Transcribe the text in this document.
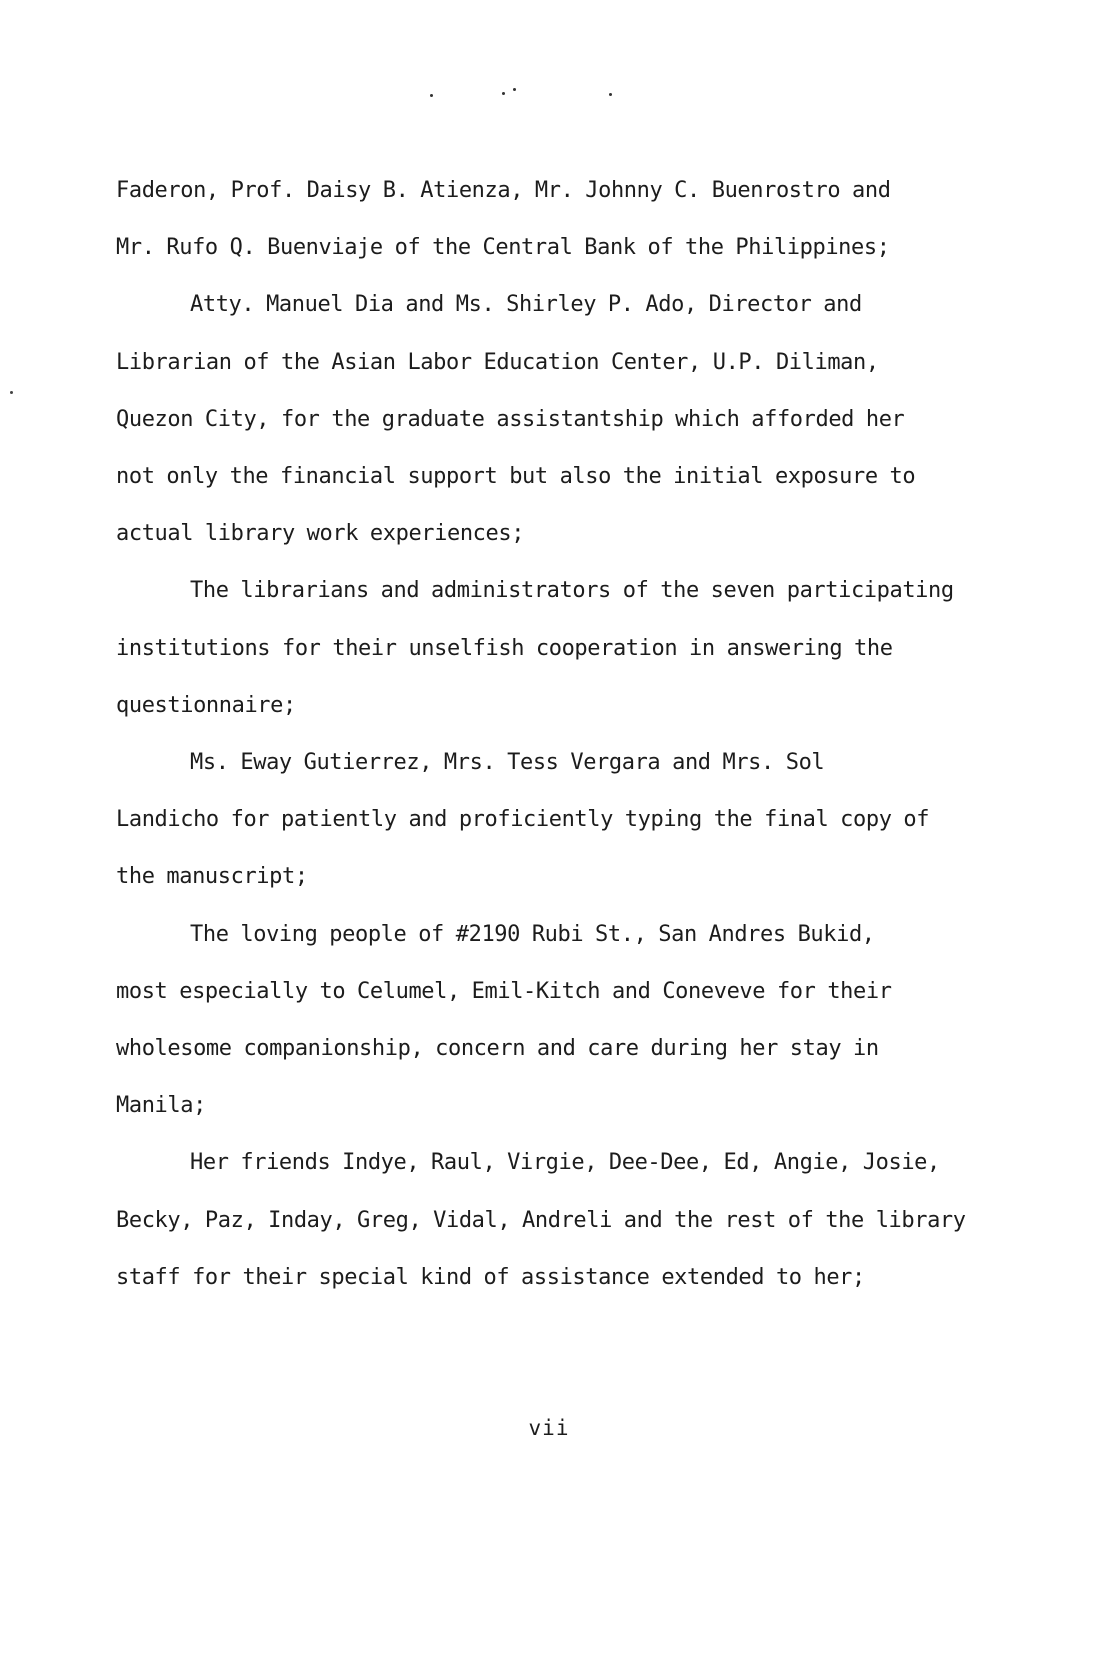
Faderon, Prof. Daisy B. Atienza, Mr. Johnny C. Buenrostro and
Mr. Rufo Q. Buenviaje of the Central Bank of the Philippines;

Atty. Manuel Dia and Ms. Shirley P. Ado, Director and
Librarian of the Asian Labor Education Center, U.P. Diliman,
Quezon City, for the graduate assistantship which afforded her
not only the financial support but also the initial exposure to
actual library work experiences;

The librarians and administrators of the seven participating
institutions for their unselfish cooperation in answering the
questionnaire;

Ms. Eway Gutierrez, Mrs. Tess Vergara and Mrs. Sol
Landicho for patiently and proficiently typing the final copy of
the manuscript;

The loving people of #2190 Rubi St., San Andres Bukid,
most especially to Celumel, Emil-Kitch and Coneveve for their
wholesome companionship, concern and care during her stay in
Manila;

Her friends Indye, Raul, Virgie, Dee-Dee, Ed, Angie, Josie,
Becky, Paz, Inday, Greg, Vidal, Andreli and the rest of the library
staff for their special kind of assistance extended to her;

vii
